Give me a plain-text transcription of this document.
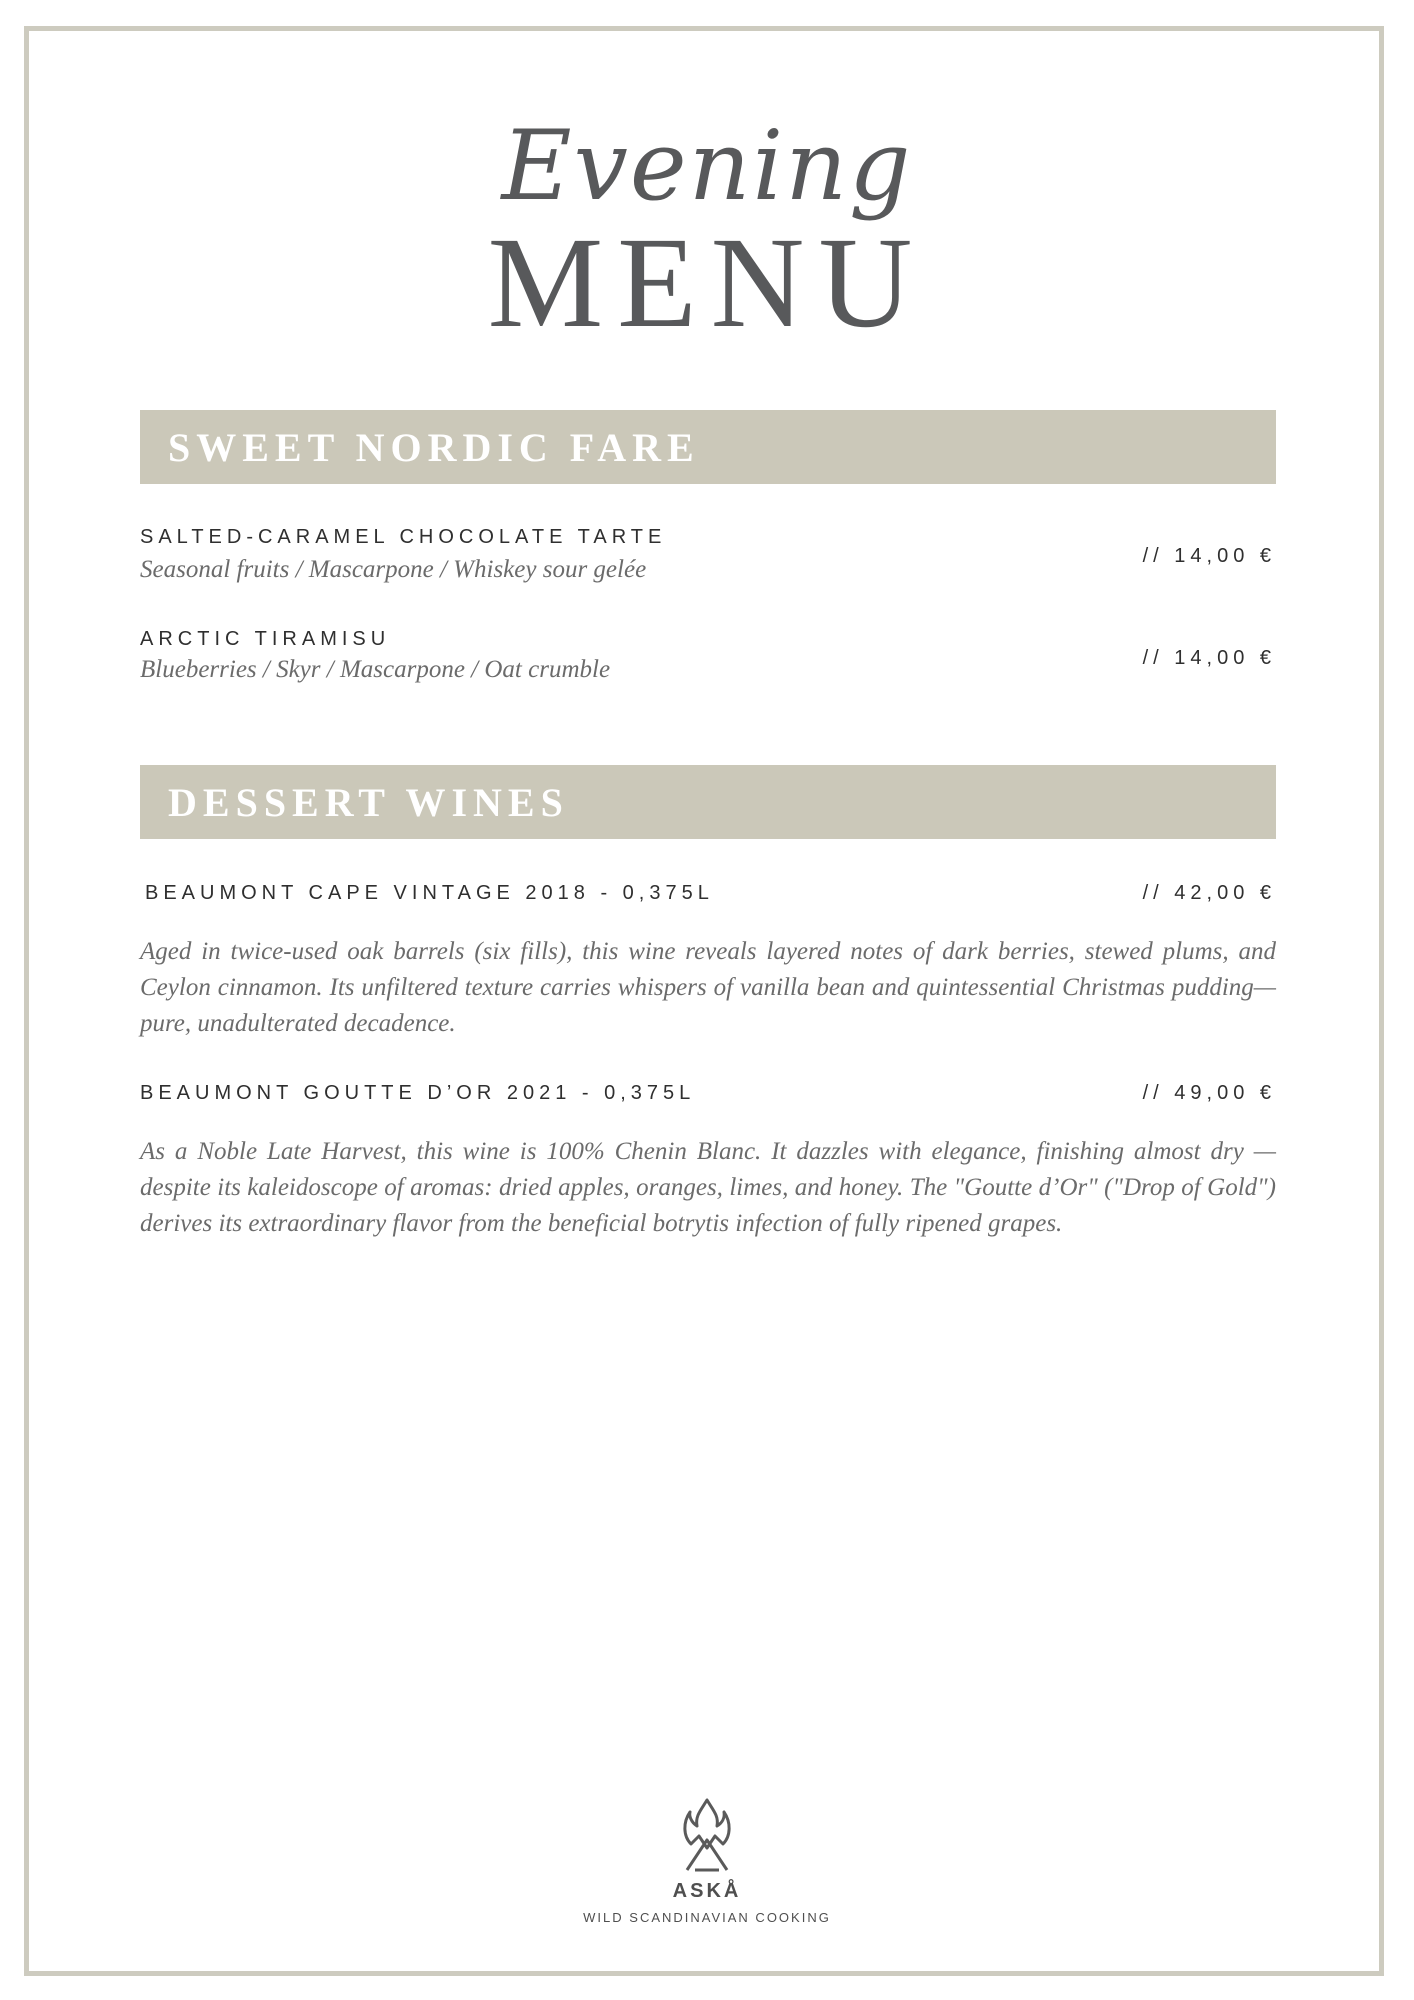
Evening
MENU
SWEET NORDIC FARE
SALTED-CARAMEL CHOCOLATE TARTE
Seasonal fruits / Mascarpone / Whiskey sour gelée	// 14,00 €
ARCTIC TIRAMISU
Blueberries / Skyr / Mascarpone / Oat crumble	// 14,00 €
DESSERT WINES
BEAUMONT CAPE VINTAGE 2018 - 0,375L	// 42,00 €
Aged in twice-used oak barrels (six fills), this wine reveals layered notes of dark berries, stewed plums, and Ceylon cinnamon. Its unfiltered texture carries whispers of vanilla bean and quintessential Christmas pudding—pure, unadulterated decadence.
BEAUMONT GOUTTE D’OR 2021 - 0,375L	// 49,00 €
As a Noble Late Harvest, this wine is 100% Chenin Blanc. It dazzles with elegance, finishing almost dry — despite its kaleidoscope of aromas: dried apples, oranges, limes, and honey. The "Goutte d’Or" ("Drop of Gold") derives its extraordinary flavor from the beneficial botrytis infection of fully ripened grapes.
ASKÅ
WILD SCANDINAVIAN COOKING
